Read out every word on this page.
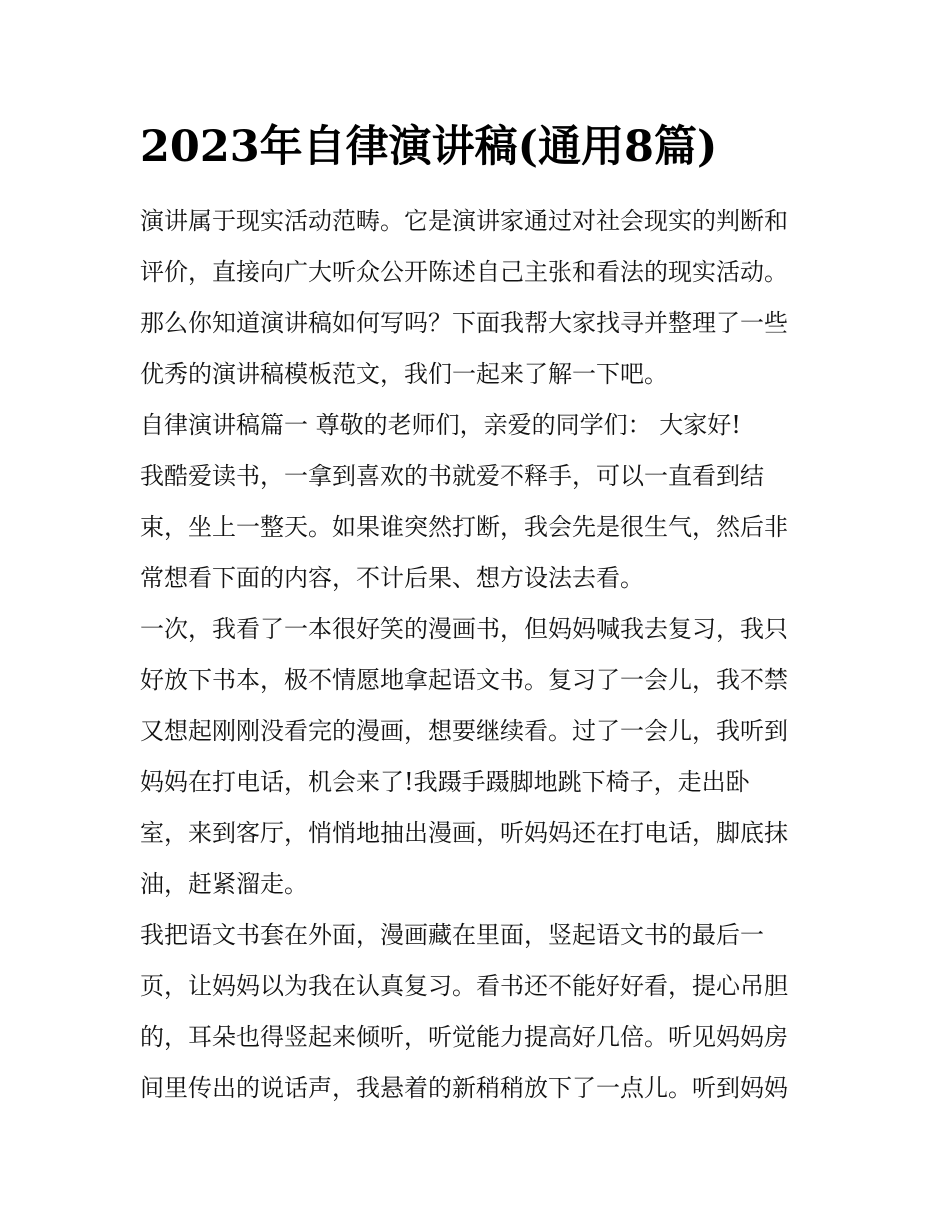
2023年自律演讲稿(通用8篇)
演讲属于现实活动范畴。它是演讲家通过对社会现实的判断和
评价，直接向广大听众公开陈述自己主张和看法的现实活动。
那么你知道演讲稿如何写吗？下面我帮大家找寻并整理了一些
优秀的演讲稿模板范文，我们一起来了解一下吧。
自律演讲稿篇一 尊敬的老师们，亲爱的同学们： 大家好!
我酷爱读书，一拿到喜欢的书就爱不释手，可以一直看到结
束，坐上一整天。如果谁突然打断，我会先是很生气，然后非
常想看下面的内容，不计后果、想方设法去看。
一次，我看了一本很好笑的漫画书，但妈妈喊我去复习，我只
好放下书本，极不情愿地拿起语文书。复习了一会儿，我不禁
又想起刚刚没看完的漫画，想要继续看。过了一会儿，我听到
妈妈在打电话，机会来了!我蹑手蹑脚地跳下椅子，走出卧
室，来到客厅，悄悄地抽出漫画，听妈妈还在打电话，脚底抹
油，赶紧溜走。
我把语文书套在外面，漫画藏在里面，竖起语文书的最后一
页，让妈妈以为我在认真复习。看书还不能好好看，提心吊胆
的，耳朵也得竖起来倾听，听觉能力提高好几倍。听见妈妈房
间里传出的说话声，我悬着的新稍稍放下了一点儿。听到妈妈
